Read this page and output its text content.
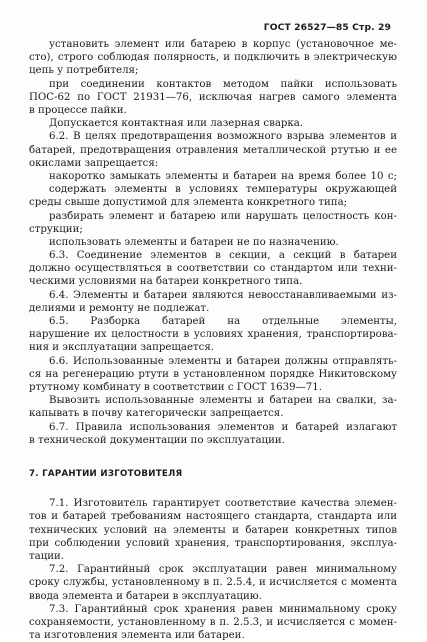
ГОСТ 26527—85 Стр. 29
установить элемент или батарею в корпус (установочное ме-
сто), строго соблюдая полярность, и подключить в электрическую
цепь у потребителя;
при соединении контактов методом пайки использовать
ПОС-62 по ГОСТ 21931—76, исключая нагрев самого элемента
в процессе пайки.
Допускается контактная или лазерная сварка.
6.2. В целях предотвращения возможного взрыва элементов и
батарей, предотвращения отравления металлической ртутью и ее
окислами запрещается:
накоротко замыкать элементы и батареи на время более 10 с;
содержать элементы в условиях температуры окружающей
среды свыше допустимой для элемента конкретного типа;
разбирать элемент и батарею или нарушать целостность кон-
струкции;
использовать элементы и батареи не по назначению.
6.3. Соединение элементов в секции, а секций в батареи
должно осуществляться в соответствии со стандартом или техни-
ческими условиями на батареи конкретного типа.
6.4. Элементы и батареи являются невосстанавливаемыми из-
делиями и ремонту не подлежат.
6.5. Разборка батарей на отдельные элементы,
нарушение их целостности в условиях хранения, транспортирова-
ния и эксплуатации запрещается.
6.6. Использованные элементы и батареи должны отправлять-
ся на регенерацию ртути в установленном порядке Никитовскому
ртутному комбинату в соответствии с ГОСТ 1639—71.
Вывозить использованные элементы и батареи на свалки, за-
капывать в почву категорически запрещается.
6.7. Правила использования элементов и батарей излагают
в технической документации по эксплуатации.
7. ГАРАНТИИ ИЗГОТОВИТЕЛЯ
7.1. Изготовитель гарантирует соответствие качества элемен-
тов и батарей требованиям настоящего стандарта, стандарта или
технических условий на элементы и батареи конкретных типов
при соблюдении условий хранения, транспортирования, эксплуа-
тации.
7.2. Гарантийный срок эксплуатации равен минимальному
сроку службы, установленному в п. 2.5.4, и исчисляется с момента
ввода элемента и батареи в эксплуатацию.
7.3. Гарантийный срок хранения равен минимальному сроку
сохраняемости, установленному в п. 2.5.3, и исчисляется с момен-
та изготовления элемента или батареи.
